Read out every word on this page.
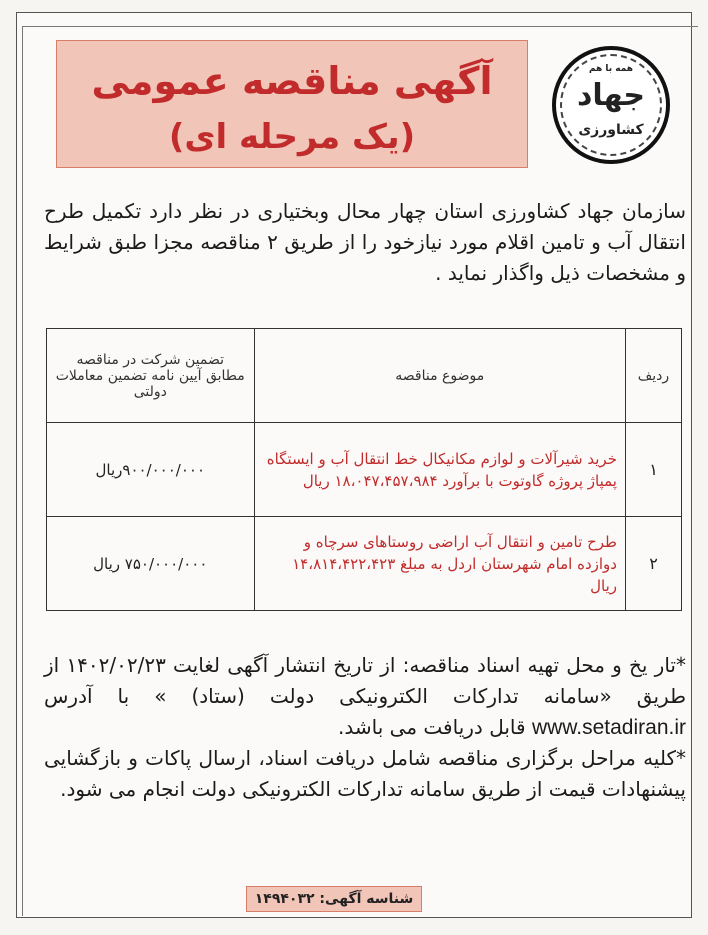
آگهی مناقصه عمومی
(یک مرحله ای)
همه با هم
جهاد
کشاورزی
سازمان جهاد کشاورزی استان چهار محال وبختیاری در نظر دارد تکمیل طرح انتقال آب و تامین اقلام مورد نیازخود را از طریق ۲ مناقصه مجزا طبق شرایط و مشخصات ذیل واگذار نماید .
ردیف	موضوع مناقصه	تضمین شرکت در مناقصه مطابق آیین نامه تضمین معاملات دولتی
۱	خرید شیرآلات و لوازم مکانیکال خط انتقال آب و ایستگاه پمپاژ پروژه گاوتوت با برآورد ۱۸،۰۴۷،۴۵۷،۹۸۴ ریال	۹۰۰/۰۰۰/۰۰۰ریال
۲	طرح تامین و انتقال آب اراضی روستاهای سرچاه و دوازده امام شهرستان اردل به مبلغ ۱۴،۸۱۴،۴۲۲،۴۲۳ ریال	۷۵۰/۰۰۰/۰۰۰ ریال
*تار یخ و محل تهیه اسناد مناقصه: از تاریخ انتشار آگهی لغایت ۱۴۰۲/۰۲/۲۳ از طریق «سامانه تدارکات الکترونیکی دولت (ستاد) » با آدرس www.setadiran.ir قابل دریافت می باشد.
*کلیه مراحل برگزاری مناقصه شامل دریافت اسناد، ارسال پاکات و بازگشایی پیشنهادات قیمت از طریق سامانه تدارکات الکترونیکی دولت انجام می شود.
شناسه آگهی: ۱۴۹۴۰۳۲
